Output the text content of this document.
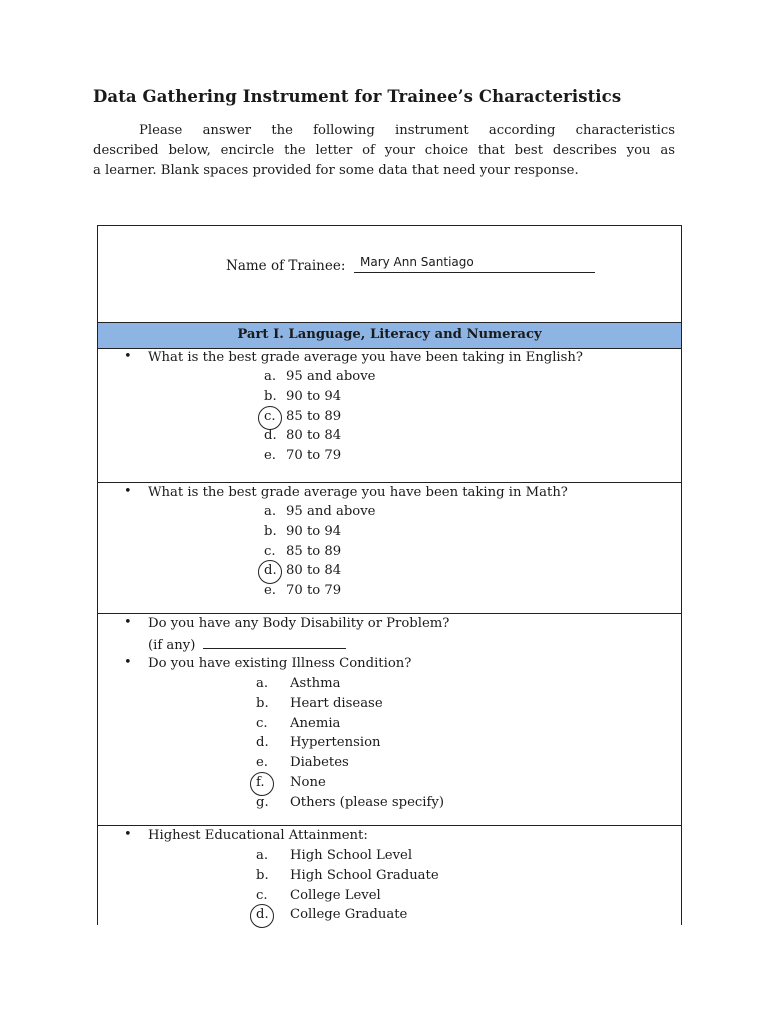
Data Gathering Instrument for Trainee’s Characteristics
Please answer the following instrument according characteristics
described below, encircle the letter of your choice that best describes you as
a learner. Blank spaces provided for some data that need your response.
Name of Trainee: Mary Ann Santiago
Part I. Language, Literacy and Numeracy
• What is the best grade average you have been taking in English?
a. 95 and above
b. 90 to 94
c. 85 to 89
d. 80 to 84
e. 70 to 79
• What is the best grade average you have been taking in Math?
a. 95 and above
b. 90 to 94
c. 85 to 89
d. 80 to 84
e. 70 to 79
• Do you have any Body Disability or Problem?
(if any)
• Do you have existing Illness Condition?
a. Asthma
b. Heart disease
c. Anemia
d. Hypertension
e. Diabetes
f. None
g. Others (please specify)
• Highest Educational Attainment:
a. High School Level
b. High School Graduate
c. College Level
d. College Graduate
